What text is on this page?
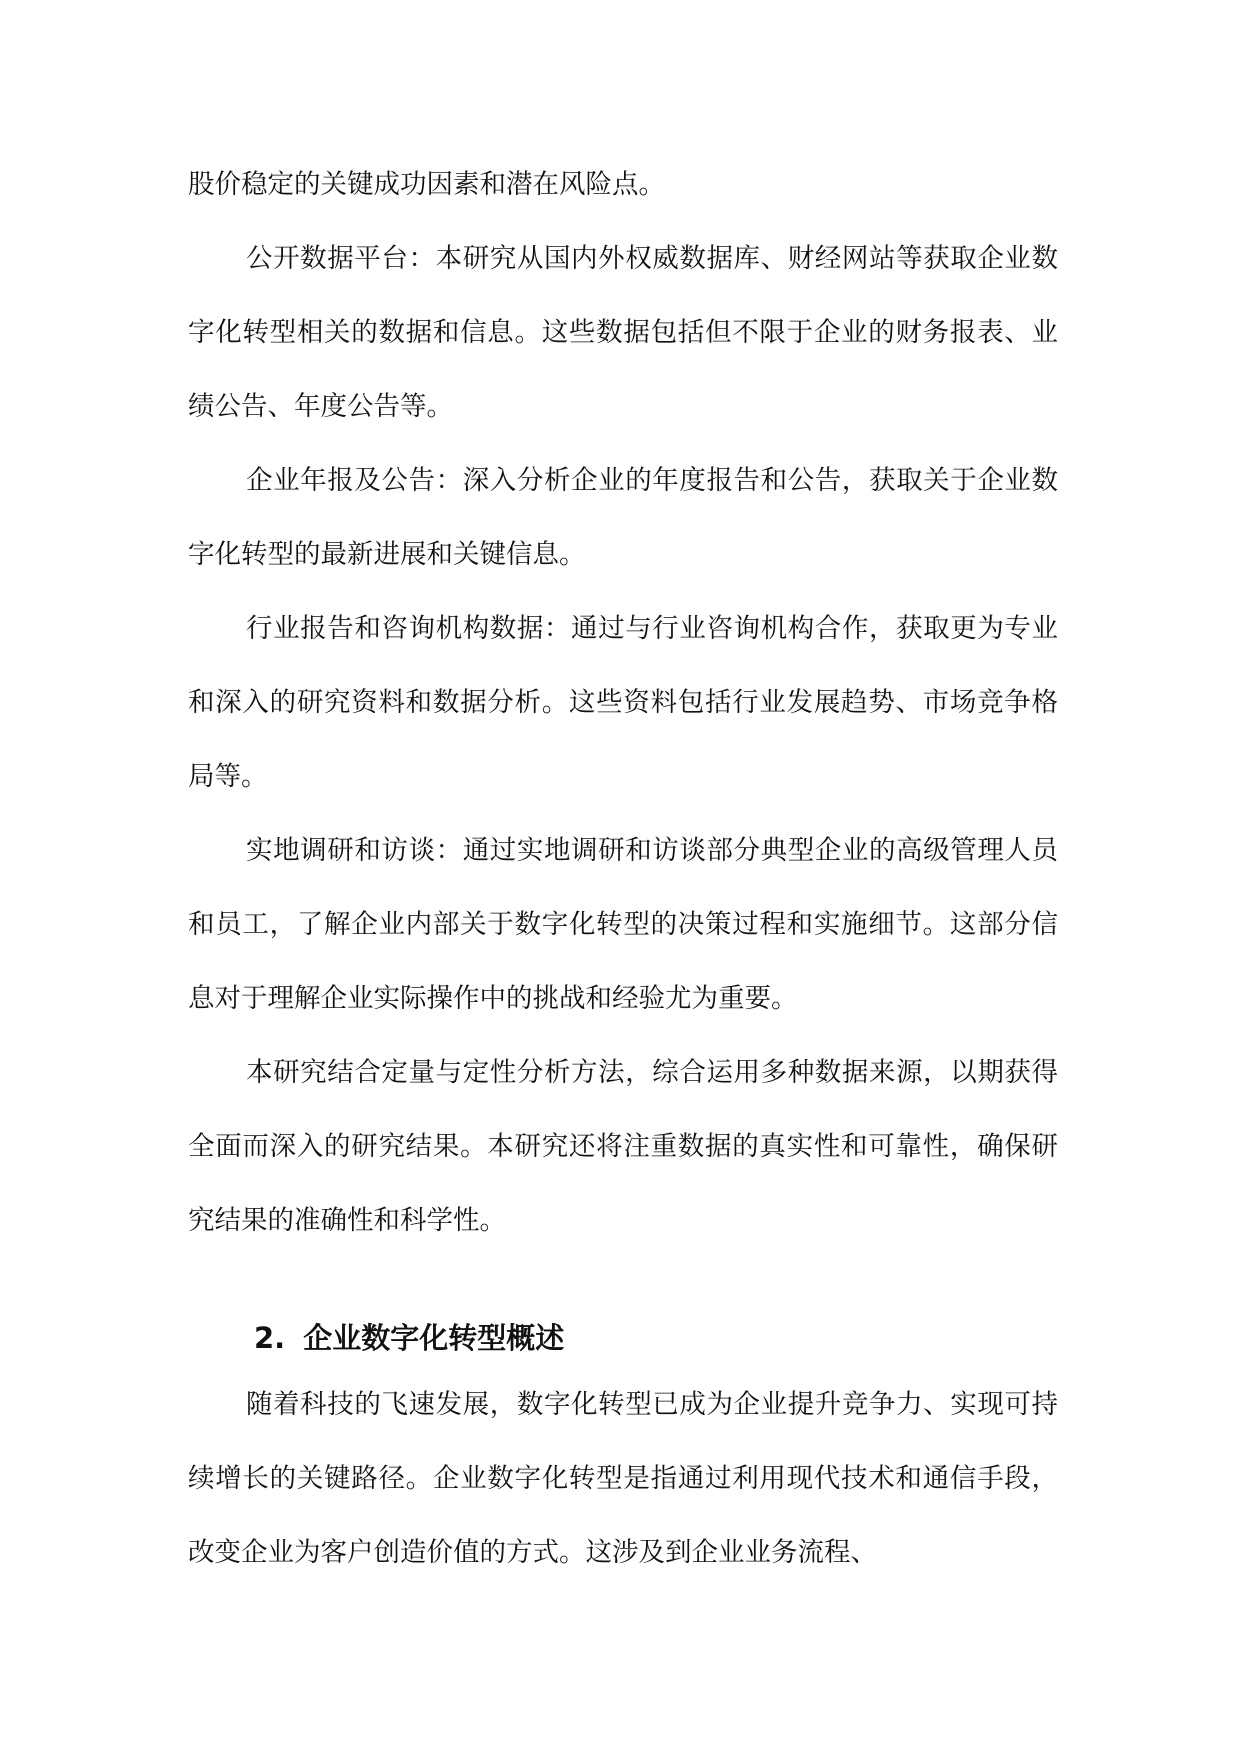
股价稳定的关键成功因素和潜在风险点。

公开数据平台：本研究从国内外权威数据库、财经网站等获取企业数字化转型相关的数据和信息。这些数据包括但不限于企业的财务报表、业绩公告、年度公告等。

企业年报及公告：深入分析企业的年度报告和公告，获取关于企业数字化转型的最新进展和关键信息。

行业报告和咨询机构数据：通过与行业咨询机构合作，获取更为专业和深入的研究资料和数据分析。这些资料包括行业发展趋势、市场竞争格局等。

实地调研和访谈：通过实地调研和访谈部分典型企业的高级管理人员和员工，了解企业内部关于数字化转型的决策过程和实施细节。这部分信息对于理解企业实际操作中的挑战和经验尤为重要。

本研究结合定量与定性分析方法，综合运用多种数据来源，以期获得全面而深入的研究结果。本研究还将注重数据的真实性和可靠性，确保研究结果的准确性和科学性。

2. 企业数字化转型概述

随着科技的飞速发展，数字化转型已成为企业提升竞争力、实现可持续增长的关键路径。企业数字化转型是指通过利用现代技术和通信手段，改变企业为客户创造价值的方式。这涉及到企业业务流程、
